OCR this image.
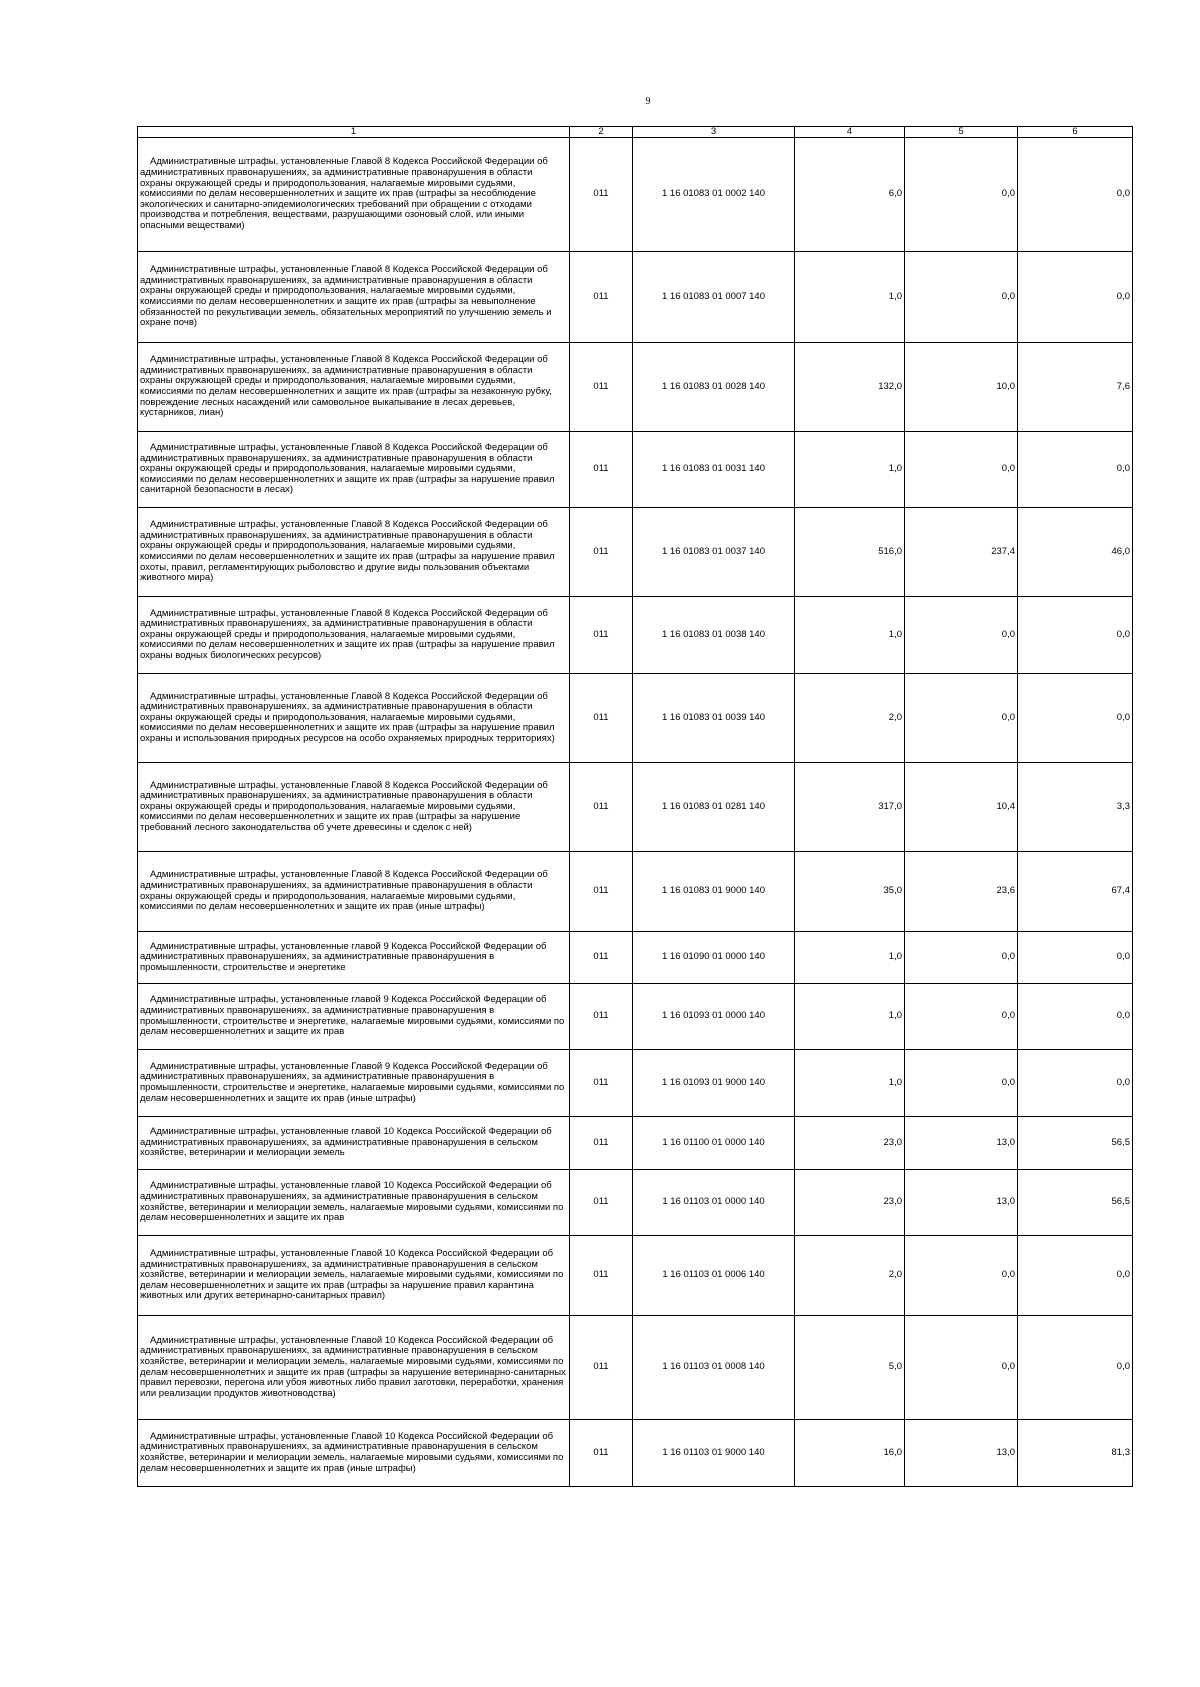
9
1	2	3	4	5	6
Административные штрафы, установленные Главой 8 Кодекса Российской Федерации об административных правонарушениях, за административные правонарушения в области охраны окружающей среды и природопользования, налагаемые мировыми судьями, комиссиями по делам несовершеннолетних и защите их прав (штрафы за несоблюдение экологических и санитарно-эпидемиологических требований при обращении с отходами производства и потребления, веществами, разрушающими озоновый слой, или иными опасными веществами)	011	1 16 01083 01 0002 140	6,0	0,0	0,0
Административные штрафы, установленные Главой 8 Кодекса Российской Федерации об административных правонарушениях, за административные правонарушения в области охраны окружающей среды и природопользования, налагаемые мировыми судьями, комиссиями по делам несовершеннолетних и защите их прав (штрафы за невыполнение обязанностей по рекультивации земель, обязательных мероприятий по улучшению земель и охране почв)	011	1 16 01083 01 0007 140	1,0	0,0	0,0
Административные штрафы, установленные Главой 8 Кодекса Российской Федерации об административных правонарушениях, за административные правонарушения в области охраны окружающей среды и природопользования, налагаемые мировыми судьями, комиссиями по делам несовершеннолетних и защите их прав (штрафы за незаконную рубку, повреждение лесных насаждений или самовольное выкапывание в лесах деревьев, кустарников, лиан)	011	1 16 01083 01 0028 140	132,0	10,0	7,6
Административные штрафы, установленные Главой 8 Кодекса Российской Федерации об административных правонарушениях, за административные правонарушения в области охраны окружающей среды и природопользования, налагаемые мировыми судьями, комиссиями по делам несовершеннолетних и защите их прав (штрафы за нарушение правил санитарной безопасности в лесах)	011	1 16 01083 01 0031 140	1,0	0,0	0,0
Административные штрафы, установленные Главой 8 Кодекса Российской Федерации об административных правонарушениях, за административные правонарушения в области охраны окружающей среды и природопользования, налагаемые мировыми судьями, комиссиями по делам несовершеннолетних и защите их прав (штрафы за нарушение правил охоты, правил, регламентирующих рыболовство и другие виды пользования объектами животного мира)	011	1 16 01083 01 0037 140	516,0	237,4	46,0
Административные штрафы, установленные Главой 8 Кодекса Российской Федерации об административных правонарушениях, за административные правонарушения в области охраны окружающей среды и природопользования, налагаемые мировыми судьями, комиссиями по делам несовершеннолетних и защите их прав (штрафы за нарушение правил охраны водных биологических ресурсов)	011	1 16 01083 01 0038 140	1,0	0,0	0,0
Административные штрафы, установленные Главой 8 Кодекса Российской Федерации об административных правонарушениях, за административные правонарушения в области охраны окружающей среды и природопользования, налагаемые мировыми судьями, комиссиями по делам несовершеннолетних и защите их прав (штрафы за нарушение правил охраны и использования природных ресурсов на особо охраняемых природных территориях)	011	1 16 01083 01 0039 140	2,0	0,0	0,0
Административные штрафы, установленные Главой 8 Кодекса Российской Федерации об административных правонарушениях, за административные правонарушения в области охраны окружающей среды и природопользования, налагаемые мировыми судьями, комиссиями по делам несовершеннолетних и защите их прав (штрафы за нарушение требований лесного законодательства об учете древесины и сделок с ней)	011	1 16 01083 01 0281 140	317,0	10,4	3,3
Административные штрафы, установленные Главой 8 Кодекса Российской Федерации об административных правонарушениях, за административные правонарушения в области охраны окружающей среды и природопользования, налагаемые мировыми судьями, комиссиями по делам несовершеннолетних и защите их прав (иные штрафы)	011	1 16 01083 01 9000 140	35,0	23,6	67,4
Административные штрафы, установленные главой 9 Кодекса Российской Федерации об административных правонарушениях, за административные правонарушения в промышленности, строительстве и энергетике	011	1 16 01090 01 0000 140	1,0	0,0	0,0
Административные штрафы, установленные главой 9 Кодекса Российской Федерации об административных правонарушениях, за административные правонарушения в промышленности, строительстве и энергетике, налагаемые мировыми судьями, комиссиями по делам несовершеннолетних и защите их прав	011	1 16 01093 01 0000 140	1,0	0,0	0,0
Административные штрафы, установленные Главой 9 Кодекса Российской Федерации об административных правонарушениях, за административные правонарушения в промышленности, строительстве и энергетике, налагаемые мировыми судьями, комиссиями по делам несовершеннолетних и защите их прав (иные штрафы)	011	1 16 01093 01 9000 140	1,0	0,0	0,0
Административные штрафы, установленные главой 10 Кодекса Российской Федерации об административных правонарушениях, за административные правонарушения в сельском хозяйстве, ветеринарии и мелиорации земель	011	1 16 01100 01 0000 140	23,0	13,0	56,5
Административные штрафы, установленные главой 10 Кодекса Российской Федерации об административных правонарушениях, за административные правонарушения в сельском хозяйстве, ветеринарии и мелиорации земель, налагаемые мировыми судьями, комиссиями по делам несовершеннолетних и защите их прав	011	1 16 01103 01 0000 140	23,0	13,0	56,5
Административные штрафы, установленные Главой 10 Кодекса Российской Федерации об административных правонарушениях, за административные правонарушения в сельском хозяйстве, ветеринарии и мелиорации земель, налагаемые мировыми судьями, комиссиями по делам несовершеннолетних и защите их прав (штрафы за нарушение правил карантина животных или других ветеринарно-санитарных правил)	011	1 16 01103 01 0006 140	2,0	0,0	0,0
Административные штрафы, установленные Главой 10 Кодекса Российской Федерации об административных правонарушениях, за административные правонарушения в сельском хозяйстве, ветеринарии и мелиорации земель, налагаемые мировыми судьями, комиссиями по делам несовершеннолетних и защите их прав (штрафы за нарушение ветеринарно-санитарных правил перевозки, перегона или убоя животных либо правил заготовки, переработки, хранения или реализации продуктов животноводства)	011	1 16 01103 01 0008 140	5,0	0,0	0,0
Административные штрафы, установленные Главой 10 Кодекса Российской Федерации об административных правонарушениях, за административные правонарушения в сельском хозяйстве, ветеринарии и мелиорации земель, налагаемые мировыми судьями, комиссиями по делам несовершеннолетних и защите их прав (иные штрафы)	011	1 16 01103 01 9000 140	16,0	13,0	81,3
